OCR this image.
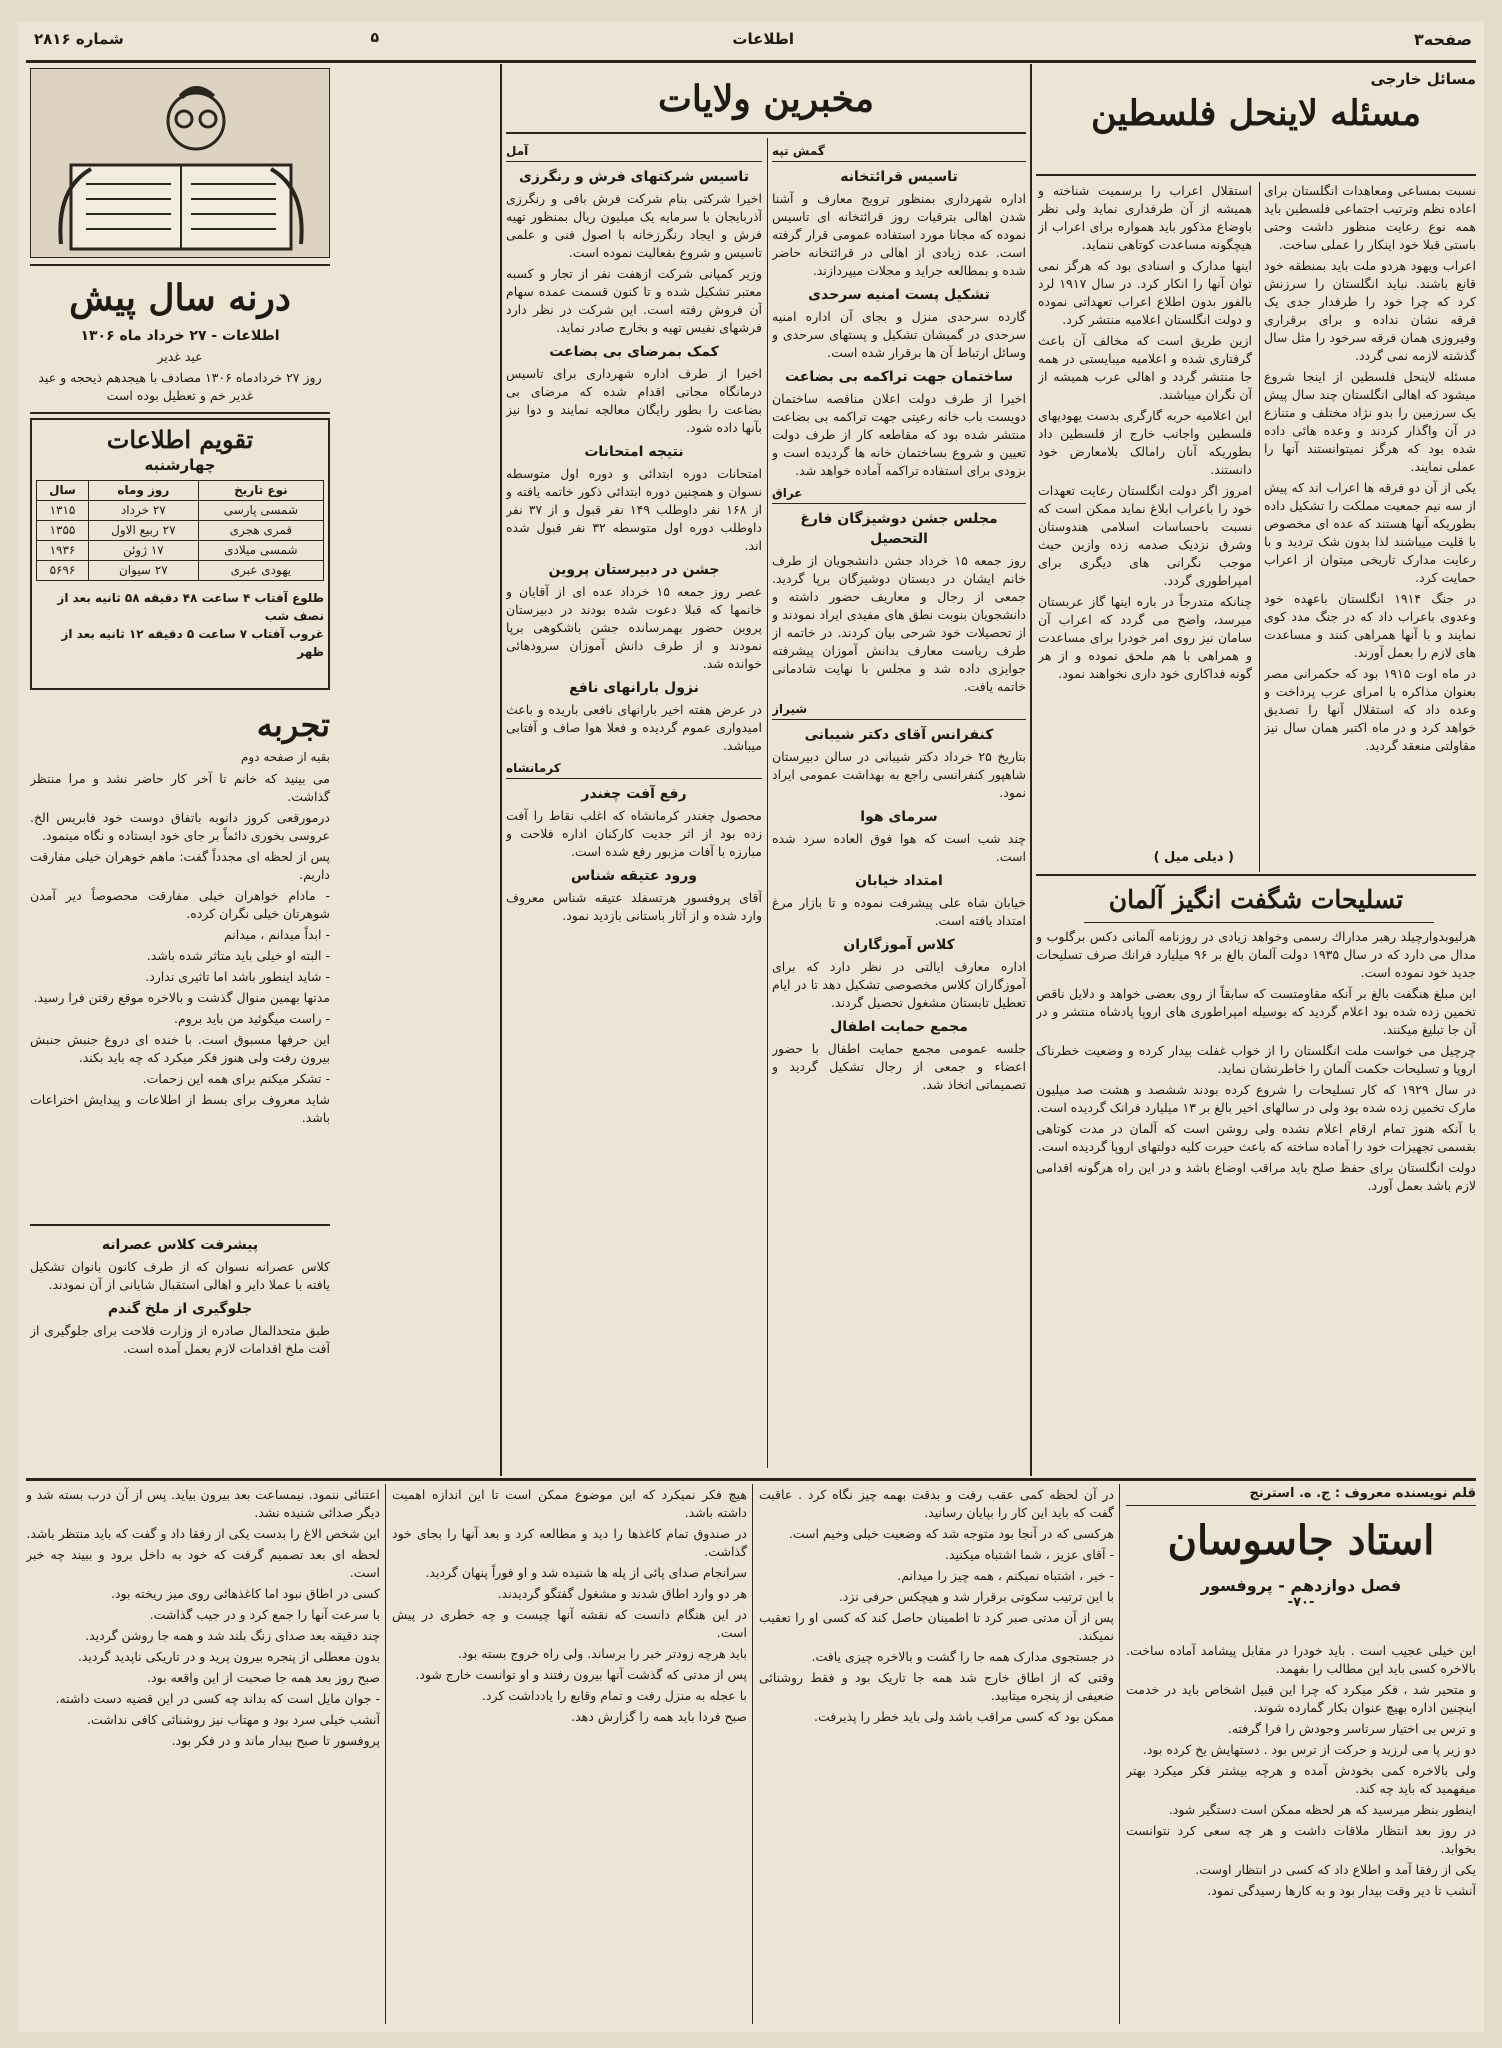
صفحه۳
اطلاعات
۵
شماره ۲۸۱۶
مسائل خارجی
مسئله لاینحل فلسطین

نسبت بمساعی ومعاهدات انگلستان برای اعاده نظم وترتیب اجتماعی فلسطین باید همه نوع رعایت منظور داشت وحتی باستی قبلا خود اینکار را عملی ساخت.

اعراب ویهود هردو ملت باید بمنطقه خود قانع باشند. نباید انگلستان را سرزنش کرد که چرا خود را طرفدار جدی یک فرقه نشان نداده و برای برقراری وفیروزی همان فرقه سرخود را مثل سال گذشته لازمه نمی گردد.

مسئله لاینحل فلسطین از اینجا شروع میشود که اهالی انگلستان چند سال پیش یک سرزمین را بدو نژاد مختلف و متنازع در آن واگذار کردند و وعده هائی داده شده بود که هرگز نمیتوانستند آنها را عملی نمایند.

یکی از آن دو فرقه ها اعراب اند که پیش از سه نیم جمعیت مملکت را تشکیل داده بطوریکه آنها هستند که عده ای مخصوص با قلیت میباشند لذا بدون شک تردید و با رعایت مدارک تاریخی میتوان از اعراب حمایت کرد.

در جنگ ۱۹۱۴ انگلستان باعهده خود وعدوی باعراب داد که در جنگ مدد کوی نمایند و با آنها همراهی کنند و مساعدت های لازم را بعمل آورند.

در ماه اوت ۱۹۱۵ بود که حکمرانی مصر بعنوان مذاکره با امرای عرب پرداخت و وعده داد که استقلال آنها را تصدیق خواهد کرد و در ماه اکتبر همان سال نیز مقاولتی منعقد گردید.

استقلال اعراب را برسمیت شناخته و همیشه از آن طرفداری نماید ولی نظر باوضاع مذکور باید همواره برای اعراب از هیچگونه مساعدت کوتاهی ننماید.

اینها مدارک و اسنادی بود که هرگز نمی توان آنها را انکار کرد. در سال ۱۹۱۷ لرد بالفور بدون اطلاع اعراب تعهداتی نموده و دولت انگلستان اعلامیه منتشر کرد.

ازین طریق است که مخالف آن باعث گرفتاری شده و اعلامیه میبایستی در همه جا منتشر گردد و اهالی عرب همیشه از آن نگران میباشند.

این اعلامیه حربه گارگری بدست یهودیهای فلسطین واجانب خارج از فلسطین داد بطوریکه آنان رامالک بلامعارض خود دانستند.

امروز اگر دولت انگلستان رعایت تعهدات خود را باعراب ابلاغ نماید ممکن است که نسبت باحساسات اسلامی هندوستان وشرق نزدیک صدمه زده وازین حیث موجب نگرانی های دیگری برای امپراطوری گردد.

چنانکه متدرجاً در باره اینها گاز عربستان میرسد، واضح می گردد که اعراب آن سامان نیز روی امر خودرا برای مساعدت و همراهی با هم ملحق نموده و از هر گونه فداکاری خود داری نخواهند نمود.

( دیلی میل )
تسلیحات شگفت انگیز آلمان

هرلیوبدوارچیلد رهبر مداراك رسمی وخواهد زیادی در روزنامه آلمانی دکس برگلوب و مدال می دارد که در سال ۱۹۳۵ دولت آلمان بالغ بر ۹۶ میلیارد فرانك صرف تسلیحات جدید خود نموده است.

این مبلغ هنگفت بالغ بر آنکه مقاومتست که سابقاً از روی بعضی خواهد و دلایل ناقص تخمین زده شده بود اعلام گردید که بوسیله امپراطوری های اروپا پادشاه منتشر و در آن جا تبلیغ میکنند.

چرچیل می خواست ملت انگلستان را از خواب غفلت بیدار کرده و وضعیت خطرناک اروپا و تسلیحات حکمت آلمان را خاطرنشان نماید.

در سال ۱۹۲۹ که کار تسلیحات را شروع کرده بودند ششصد و هشت صد میلیون مارک تخمین زده شده بود ولی در سالهای اخیر بالغ بر ۱۳ میلیارد فرانک گردیده است.

با آنکه هنوز تمام ارقام اعلام نشده ولی روشن است که آلمان در مدت کوتاهی بقسمی تجهیزات خود را آماده ساخته که باعث حیرت کلیه دولتهای اروپا گردیده است.

دولت انگلستان برای حفظ صلح باید مراقب اوضاع باشد و در این راه هرگونه اقدامی لازم باشد بعمل آورد.

مخبرین ولایات
گمش تپه
تاسیس قرائتخانه

اداره شهرداری بمنظور ترویج معارف و آشنا شدن اهالی بترقیات روز قرائتخانه ای تاسیس نموده که مجانا مورد استفاده عمومی قرار گرفته است. عده زیادی از اهالی در قرائتخانه حاضر شده و بمطالعه جراید و مجلات میپردازند.

تشکیل پست امنیه سرحدی

گارده سرحدی منزل و بجای آن اداره امنیه سرحدی در گمیشان تشکیل و پستهای سرحدی و وسائل ارتباط آن ها برقرار شده است.

ساختمان جهت تراکمه بی بضاعت

اخیرا از طرف دولت اعلان مناقصه ساختمان دویست باب خانه رعیتی جهت تراکمه بی بضاعت منتشر شده بود که مقاطعه کار از طرف دولت تعیین و شروع بساختمان خانه ها گردیده است و بزودی برای استفاده تراکمه آماده خواهد شد.

عراق
مجلس جشن دوشیزگان فارغ التحصیل

روز جمعه ۱۵ خرداد جشن دانشجویان از طرف خانم ایشان در دبستان دوشیزگان برپا گردید. جمعی از رجال و معاریف حضور داشته و دانشجویان بنوبت نطق های مفیدی ایراد نمودند و از تحصیلات خود شرحی بیان کردند. در خاتمه از طرف ریاست معارف بدانش آموزان پیشرفته جوایزی داده شد و مجلس با نهایت شادمانی خاتمه یافت.

شیراز
کنفرانس آقای دکتر شیبانی

بتاریخ ۲۵ خرداد دکتر شیبانی در سالن دبیرستان شاهپور کنفرانسی راجع به بهداشت عمومی ایراد نمود.

سرمای هوا

چند شب است که هوا فوق العاده سرد شده است.

امتداد خیابان

خیابان شاه علی پیشرفت نموده و تا بازار مرغ امتداد یافته است.

کلاس آموزگاران

اداره معارف ایالتی در نظر دارد که برای آموزگاران کلاس مخصوصی تشکیل دهد تا در ایام تعطیل تابستان مشغول تحصیل گردند.

مجمع حمایت اطفال

جلسه عمومی مجمع حمایت اطفال با حضور اعضاء و جمعی از رجال تشکیل گردید و تصمیماتی اتخاذ شد.

آمل
تاسیس شرکتهای فرش و رنگرزی

اخیرا شرکتی بنام شرکت فرش بافی و رنگرزی آذربایجان با سرمایه یک میلیون ریال بمنظور تهیه فرش و ایجاد رنگرزخانه با اصول فنی و علمی تاسیس و شروع بفعالیت نموده است.

وزیر کمپانی شرکت ازهفت نفر از تجار و کسبه معتبر تشکیل شده و تا کنون قسمت عمده سهام آن فروش رفته است. این شرکت در نظر دارد فرشهای نفیس تهیه و بخارج صادر نماید.

کمک بمرضای بی بضاعت

اخیرا از طرف اداره شهرداری برای تاسیس درمانگاه مجانی اقدام شده که مرضای بی بضاعت را بطور رایگان معالجه نمایند و دوا نیز بآنها داده شود.

نتیجه امتحانات

امتحانات دوره ابتدائی و دوره اول متوسطه نسوان و همچنین دوره ابتدائی ذکور خاتمه یافته و از ۱۶۸ نفر داوطلب ۱۴۹ نفر قبول و از ۳۷ نفر داوطلب دوره اول متوسطه ۳۲ نفر قبول شده اند.

جشن در دبیرستان پروین

عصر روز جمعه ۱۵ خرداد عده ای از آقایان و خانمها که قبلا دعوت شده بودند در دبیرستان پروین حضور بهمرسانده جشن باشکوهی برپا نمودند و از طرف دانش آموزان سرودهائی خوانده شد.

نزول بارانهای نافع

در عرض هفته اخیر بارانهای نافعی باریده و باعث امیدواری عموم گردیده و فعلا هوا صاف و آفتابی میباشد.

کرمانشاه
رفع آفت چغندر

محصول چغندر کرمانشاه که اغلب نقاط را آفت زده بود از اثر جدیت کارکنان اداره فلاحت و مبارزه با آفات مزبور رفع شده است.

ورود عتیقه شناس

آقای پروفسور هرتسفلد عتیقه شناس معروف وارد شده و از آثار باستانی بازدید نمود.

درنه سال پیش
اطلاعات - ۲۷ خرداد ماه ۱۳۰۶

عید غدیر

روز ۲۷ خردادماه ۱۳۰۶ مصادف با هیجدهم ذیحجه و عید غدیر خم و تعطیل بوده است

تقویم اطلاعات
چهارشنبه
نوع تاریخ	روز وماه	سال
شمسی پارسی	۲۷ خرداد	۱۳۱۵
قمری هجری	۲۷ ربیع الاول	۱۳۵۵
شمسی میلادی	۱۷ ژوئن	۱۹۳۶
یهودی عبری	۲۷ سیوان	۵۶۹۶
طلوع آفتاب ۴ ساعت ۴۸ دقیقه ۵۸ ثانیه بعد از نصف شب
غروب آفتاب ۷ ساعت ۵ دقیقه ۱۲ ثانیه بعد از ظهر
تجربه
بقیه از صفحه دوم

می بینید که خانم تا آخر کار حاضر نشد و مرا منتظر گذاشت.

درمورقعی کروز دانوبه باتفاق دوست خود فابریس الخ. عروسی بخوری دائماً بر جای خود ایستاده و نگاه مینمود.

پس از لحظه ای مجدداً گفت: ماهم خوهران خیلی مفارقت داریم.

- مادام خواهران خیلی مفارقت محصوصاً دیر آمدن شوهرتان خیلی نگران کرده.

- ابداً میدانم ، میدانم

- البته او خیلی باید متاثر شده باشد.

- شاید اینطور باشد اما تاثیری ندارد.

مدتها بهمین منوال گذشت و بالاخره موقع رفتن فرا رسید.

- راست میگوئید من باید بروم.

این حرفها مسبوق است. با خنده ای دروغ جنبش جنبش بیرون رفت ولی هنوز فکر میکرد که چه باید بکند.

- تشکر میکنم برای همه این زحمات.

شاید معروف برای بسط از اطلاعات و پیدایش اختراعات باشد.

پیشرفت کلاس عصرانه

کلاس عصرانه نسوان که از طرف کانون بانوان تشکیل یافته با عملا دایر و اهالی استقبال شایانی از آن نمودند.

جلوگیری از ملخ گندم

طبق متحدالمال صادره از وزارت فلاحت برای جلوگیری از آفت ملخ اقدامات لازم بعمل آمده است.

قلم نویسنده معروف : ج. ه. استرنج
استاد جاسوسان
فصل دوازدهم - پروفسور
-۷۰-

این خیلی عجیب است . باید خودرا در مقابل پیشامد آماده ساخت. بالاخره کسی باید این مطالب را بفهمد.

و متحیر شد ، فکر میکرد که چرا این قبیل اشخاص باید در خدمت اینچنین اداره بهیچ عنوان بکار گمارده شوند.

و ترس بی اختیار سرتاسر وجودش را فرا گرفته.

دو زیر پا می لرزید و حرکت از ترس بود . دستهایش یخ کرده بود.

ولی بالاخره کمی بخودش آمده و هرچه بیشتر فکر میکرد بهتر میفهمید که باید چه کند.

اینطور بنظر میرسید که هر لحظه ممکن است دستگیر شود.

در روز بعد انتظار ملاقات داشت و هر چه سعی کرد نتوانست بخوابد.

یکی از رفقا آمد و اطلاع داد که کسی در انتظار اوست.

آنشب تا دیر وقت بیدار بود و به کارها رسیدگی نمود.

در آن لحظه کمی عقب رفت و بدقت بهمه چیز نگاه کرد . عاقبت گفت که باید این کار را بپایان رسانید.

هرکسی که در آنجا بود متوجه شد که وضعیت خیلی وخیم است.

- آقای عزیز ، شما اشتباه میکنید.

- خیر ، اشتباه نمیکنم ، همه چیز را میدانم.

با این ترتیب سکوتی برقرار شد و هیچکس حرفی نزد.

پس از آن مدتی صبر کرد تا اطمینان حاصل کند که کسی او را تعقیب نمیکند.

در جستجوی مدارک همه جا را گشت و بالاخره چیزی یافت.

وقتی که از اطاق خارج شد همه جا تاریک بود و فقط روشنائی ضعیفی از پنجره میتابید.

ممکن بود که کسی مراقب باشد ولی باید خطر را پذیرفت.

هیچ فکر نمیکرد که این موضوع ممکن است تا این اندازه اهمیت داشته باشد.

در صندوق تمام کاغذها را دید و مطالعه کرد و بعد آنها را بجای خود گذاشت.

سرانجام صدای پائی از پله ها شنیده شد و او فوراً پنهان گردید.

هر دو وارد اطاق شدند و مشغول گفتگو گردیدند.

در این هنگام دانست که نقشه آنها چیست و چه خطری در پیش است.

باید هرچه زودتر خبر را برساند. ولی راه خروج بسته بود.

پس از مدتی که گذشت آنها بیرون رفتند و او توانست خارج شود.

با عجله به منزل رفت و تمام وقایع را یادداشت کرد.

صبح فردا باید همه را گزارش دهد.

اعتنائی ننمود. نیمساعت بعد بیرون بیاید. پس از آن درب بسته شد و دیگر صدائی شنیده نشد.

این شخص الاغ را بدست یکی از رفقا داد و گفت که باید منتظر باشد.

لحظه ای بعد تصمیم گرفت که خود به داخل برود و ببیند چه خبر است.

کسی در اطاق نبود اما کاغذهائی روی میز ریخته بود.

با سرعت آنها را جمع کرد و در جیب گذاشت.

چند دقیقه بعد صدای زنگ بلند شد و همه جا روشن گردید.

بدون معطلی از پنجره بیرون پرید و در تاریکی ناپدید گردید.

صبح روز بعد همه جا صحبت از این واقعه بود.

- جوان مایل است که بداند چه کسی در این قضیه دست داشته.

آنشب خیلی سرد بود و مهتاب نیز روشنائی کافی نداشت.

پروفسور تا صبح بیدار ماند و در فکر بود.
